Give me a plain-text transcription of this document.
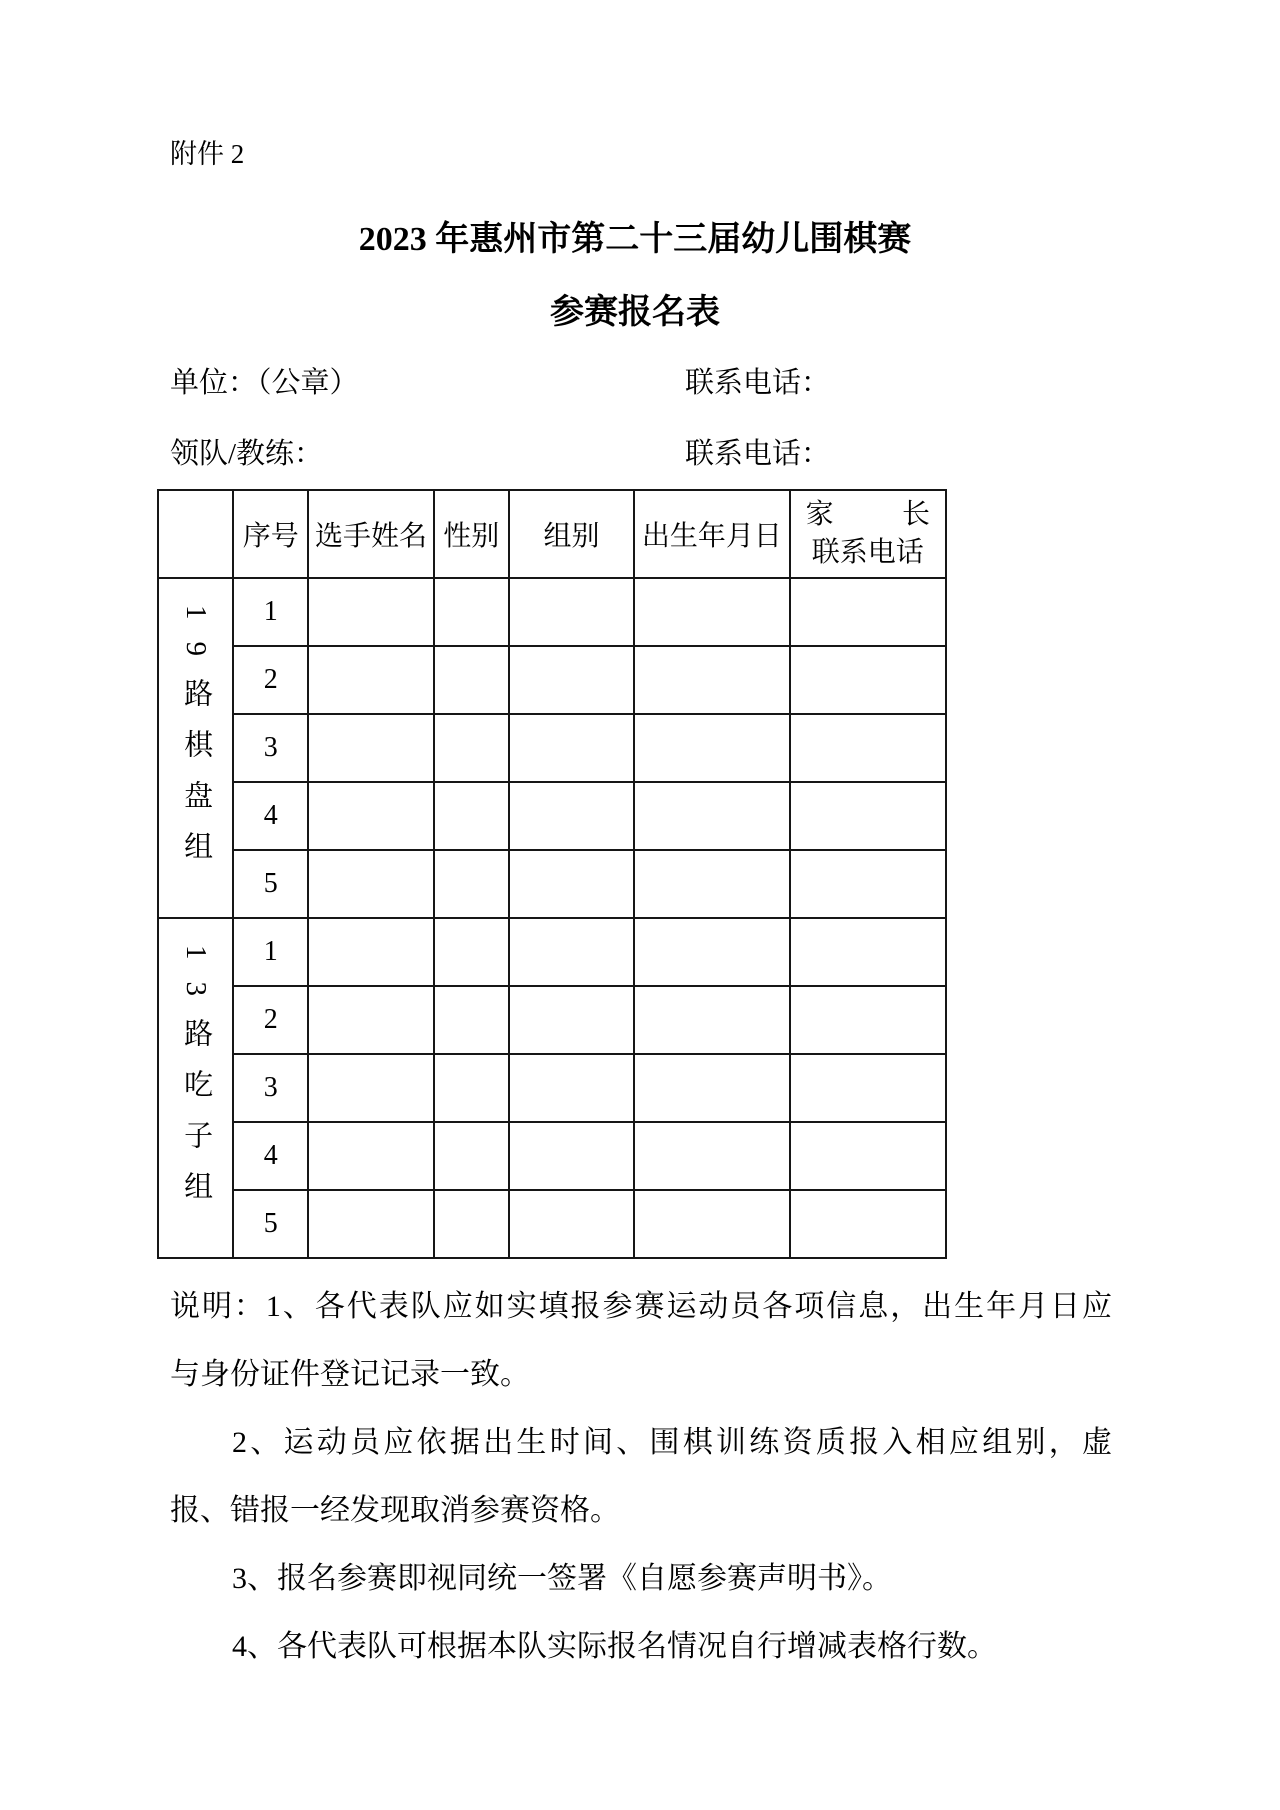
附件 2
2023 年惠州市第二十三届幼儿围棋赛
参赛报名表
单位：（公章）	联系电话：
领队/教练：	联系电话：
	序号	选手姓名	性别	组别	出生年月日	家 长
联系电话

19路棋盘组	1					
	2					
	3					
	4					
	5					
13路吃子组	1					
	2					
	3					
	4					
	5					
说明：1、各代表队应如实填报参赛运动员各项信息，出生年月日应
与身份证件登记记录一致。
2、运动员应依据出生时间、围棋训练资质报入相应组别，虚
报、错报一经发现取消参赛资格。
3、报名参赛即视同统一签署《自愿参赛声明书》。
4、各代表队可根据本队实际报名情况自行增减表格行数。
